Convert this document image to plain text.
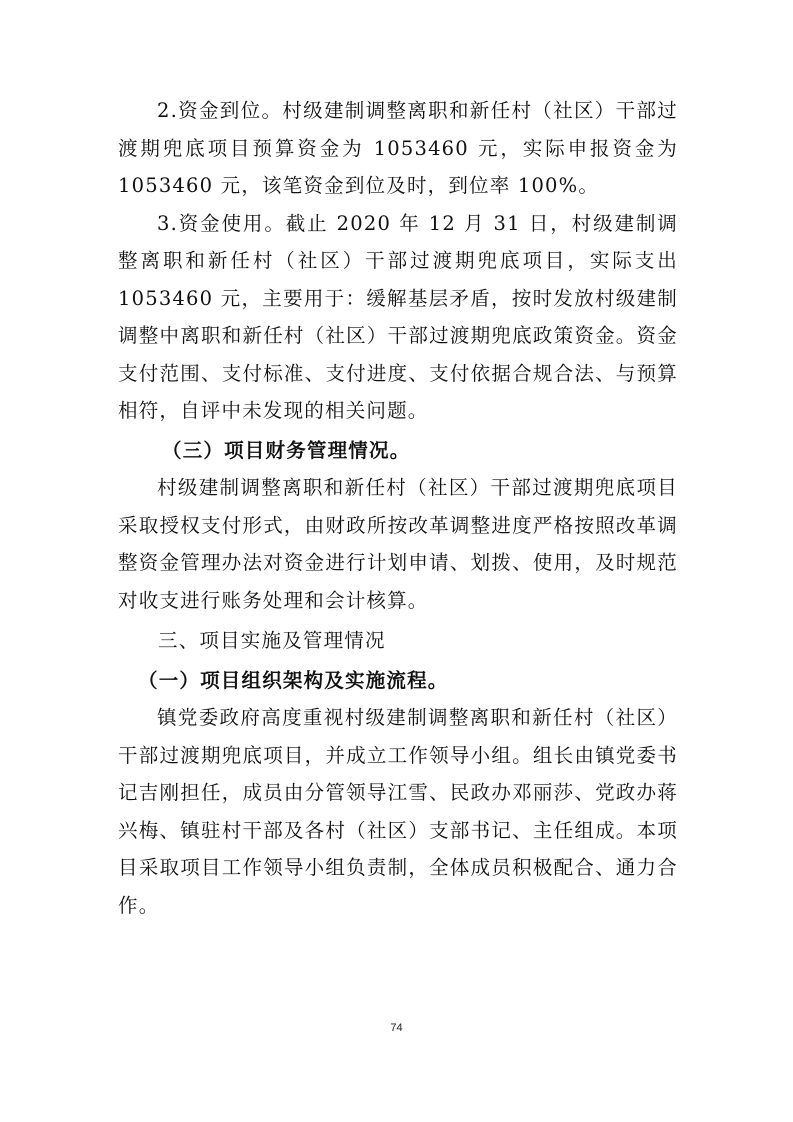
2.资金到位。村级建制调整离职和新任村（社区）干部过渡期兜底项目预算资金为 1053460 元，实际申报资金为 1053460 元，该笔资金到位及时，到位率 100%。

3.资金使用。截止 2020 年 12 月 31 日，村级建制调整离职和新任村（社区）干部过渡期兜底项目，实际支出 1053460 元，主要用于：缓解基层矛盾，按时发放村级建制调整中离职和新任村（社区）干部过渡期兜底政策资金。资金支付范围、支付标准、支付进度、支付依据合规合法、与预算相符，自评中未发现的相关问题。

（三）项目财务管理情况。

村级建制调整离职和新任村（社区）干部过渡期兜底项目采取授权支付形式，由财政所按改革调整进度严格按照改革调整资金管理办法对资金进行计划申请、划拨、使用，及时规范对收支进行账务处理和会计核算。

三、项目实施及管理情况

（一）项目组织架构及实施流程。

镇党委政府高度重视村级建制调整离职和新任村（社区）干部过渡期兜底项目，并成立工作领导小组。组长由镇党委书记吉刚担任，成员由分管领导江雪、民政办邓丽莎、党政办蒋兴梅、镇驻村干部及各村（社区）支部书记、主任组成。本项目采取项目工作领导小组负责制，全体成员积极配合、通力合作。

74
